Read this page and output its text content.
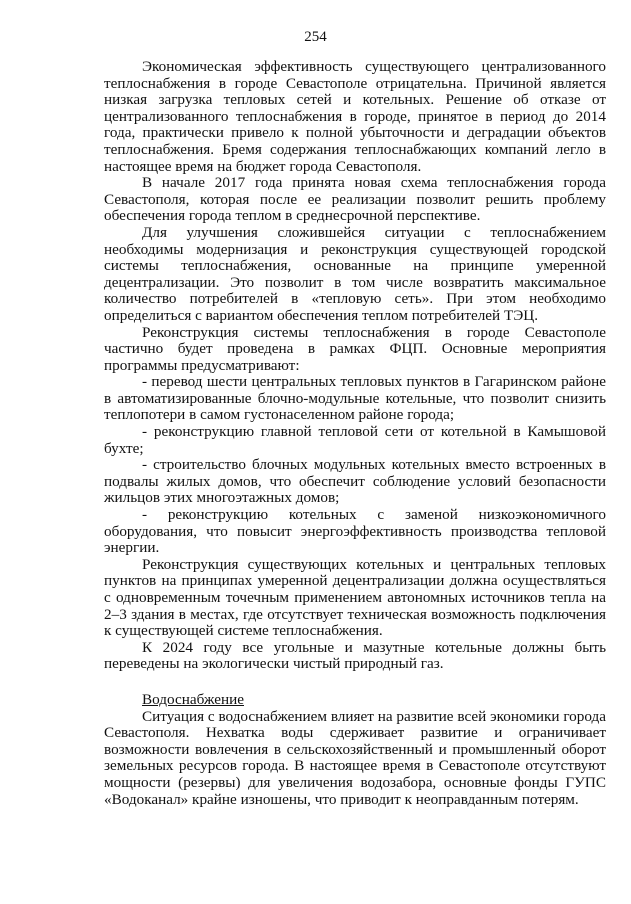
254

Экономическая эффективность существующего централизованного теплоснабжения в городе Севастополе отрицательна. Причиной является низкая загрузка тепловых сетей и котельных. Решение об отказе от централизованного теплоснабжения в городе, принятое в период до 2014 года, практически привело к полной убыточности и деградации объектов теплоснабжения. Бремя содержания теплоснабжающих компаний легло в настоящее время на бюджет города Севастополя.

В начале 2017 года принята новая схема теплоснабжения города Севастополя, которая после ее реализации позволит решить проблему обеспечения города теплом в среднесрочной перспективе.

Для улучшения сложившейся ситуации с теплоснабжением необходимы модернизация и реконструкция существующей городской системы теплоснабжения, основанные на принципе умеренной децентрализации. Это позволит в том числе возвратить максимальное количество потребителей в «тепловую сеть». При этом необходимо определиться с вариантом обеспечения теплом потребителей ТЭЦ.

Реконструкция системы теплоснабжения в городе Севастополе частично будет проведена в рамках ФЦП. Основные мероприятия программы предусматривают:

- перевод шести центральных тепловых пунктов в Гагаринском районе в автоматизированные блочно-модульные котельные, что позволит снизить теплопотери в самом густонаселенном районе города;

- реконструкцию главной тепловой сети от котельной в Камышовой бухте;

- строительство блочных модульных котельных вместо встроенных в подвалы жилых домов, что обеспечит соблюдение условий безопасности жильцов этих многоэтажных домов;

- реконструкцию котельных с заменой низкоэкономичного оборудования, что повысит энергоэффективность производства тепловой энергии.

Реконструкция существующих котельных и центральных тепловых пунктов на принципах умеренной децентрализации должна осуществляться с одновременным точечным применением автономных источников тепла на 2–3 здания в местах, где отсутствует техническая возможность подключения к существующей системе теплоснабжения.

К 2024 году все угольные и мазутные котельные должны быть переведены на экологически чистый природный газ.

Водоснабжение

Ситуация с водоснабжением влияет на развитие всей экономики города Севастополя. Нехватка воды сдерживает развитие и ограничивает возможности вовлечения в сельскохозяйственный и промышленный оборот земельных ресурсов города. В настоящее время в Севастополе отсутствуют мощности (резервы) для увеличения водозабора, основные фонды ГУПС «Водоканал» крайне изношены, что приводит к неоправданным потерям.
